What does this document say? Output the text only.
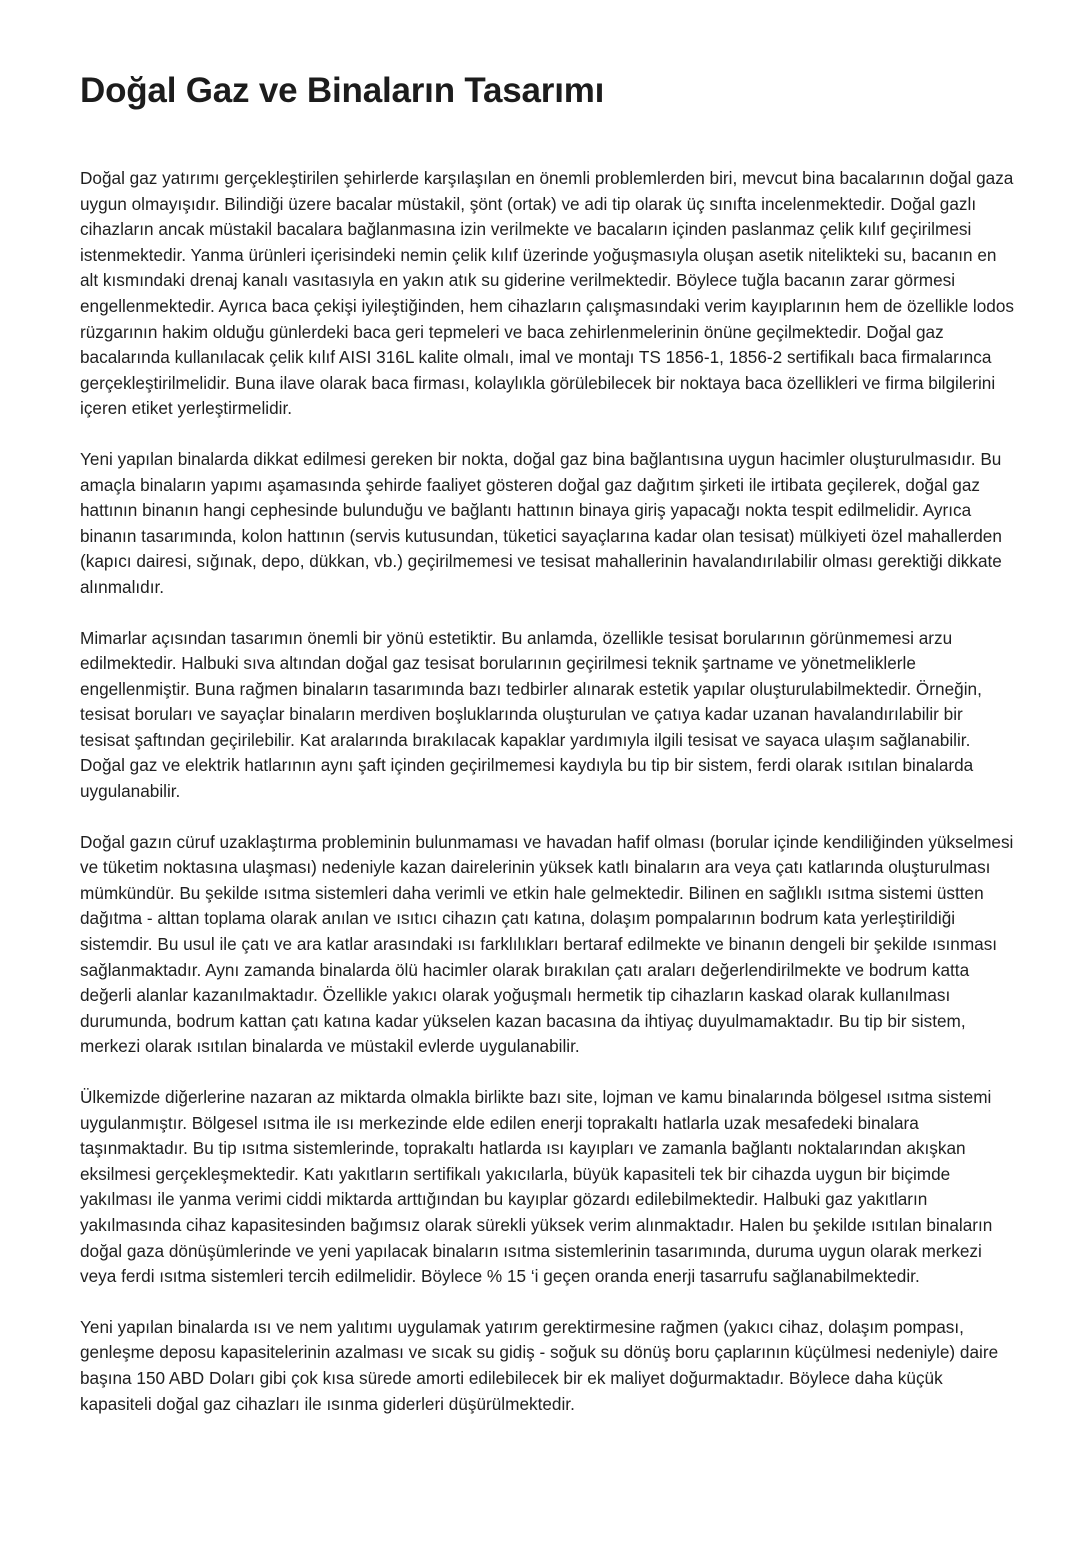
Doğal Gaz ve Binaların Tasarımı

Doğal gaz yatırımı gerçekleştirilen şehirlerde karşılaşılan en önemli problemlerden biri, mevcut bina bacalarının doğal gaza uygun olmayışıdır. Bilindiği üzere bacalar müstakil, şönt (ortak) ve adi tip olarak üç sınıfta incelenmektedir. Doğal gazlı cihazların ancak müstakil bacalara bağlanmasına izin verilmekte ve bacaların içinden paslanmaz çelik kılıf geçirilmesi istenmektedir. Yanma ürünleri içerisindeki nemin çelik kılıf üzerinde yoğuşmasıyla oluşan asetik nitelikteki su, bacanın en alt kısmındaki drenaj kanalı vasıtasıyla en yakın atık su giderine verilmektedir. Böylece tuğla bacanın zarar görmesi engellenmektedir. Ayrıca baca çekişi iyileştiğinden, hem cihazların çalışmasındaki verim kayıplarının hem de özellikle lodos rüzgarının hakim olduğu günlerdeki baca geri tepmeleri ve baca zehirlenmelerinin önüne geçilmektedir. Doğal gaz bacalarında kullanılacak çelik kılıf AISI 316L kalite olmalı, imal ve montajı TS 1856-1, 1856-2 sertifikalı baca firmalarınca gerçekleştirilmelidir. Buna ilave olarak baca firması, kolaylıkla görülebilecek bir noktaya baca özellikleri ve firma bilgilerini içeren etiket yerleştirmelidir.

Yeni yapılan binalarda dikkat edilmesi gereken bir nokta, doğal gaz bina bağlantısına uygun hacimler oluşturulmasıdır. Bu amaçla binaların yapımı aşamasında şehirde faaliyet gösteren doğal gaz dağıtım şirketi ile irtibata geçilerek, doğal gaz hattının binanın hangi cephesinde bulunduğu ve bağlantı hattının binaya giriş yapacağı nokta tespit edilmelidir. Ayrıca binanın tasarımında, kolon hattının (servis kutusundan, tüketici sayaçlarına kadar olan tesisat) mülkiyeti özel mahallerden (kapıcı dairesi, sığınak, depo, dükkan, vb.) geçirilmemesi ve tesisat mahallerinin havalandırılabilir olması gerektiği dikkate alınmalıdır.

Mimarlar açısından tasarımın önemli bir yönü estetiktir. Bu anlamda, özellikle tesisat borularının görünmemesi arzu edilmektedir. Halbuki sıva altından doğal gaz tesisat borularının geçirilmesi teknik şartname ve yönetmeliklerle engellenmiştir. Buna rağmen binaların tasarımında bazı tedbirler alınarak estetik yapılar oluşturulabilmektedir. Örneğin, tesisat boruları ve sayaçlar binaların merdiven boşluklarında oluşturulan ve çatıya kadar uzanan havalandırılabilir bir tesisat şaftından geçirilebilir. Kat aralarında bırakılacak kapaklar yardımıyla ilgili tesisat ve sayaca ulaşım sağlanabilir. Doğal gaz ve elektrik hatlarının aynı şaft içinden geçirilmemesi kaydıyla bu tip bir sistem, ferdi olarak ısıtılan binalarda uygulanabilir.

Doğal gazın cüruf uzaklaştırma probleminin bulunmaması ve havadan hafif olması (borular içinde kendiliğinden yükselmesi ve tüketim noktasına ulaşması) nedeniyle kazan dairelerinin yüksek katlı binaların ara veya çatı katlarında oluşturulması mümkündür. Bu şekilde ısıtma sistemleri daha verimli ve etkin hale gelmektedir. Bilinen en sağlıklı ısıtma sistemi üstten dağıtma - alttan toplama olarak anılan ve ısıtıcı cihazın çatı katına, dolaşım pompalarının bodrum kata yerleştirildiği sistemdir. Bu usul ile çatı ve ara katlar arasındaki ısı farklılıkları bertaraf edilmekte ve binanın dengeli bir şekilde ısınması sağlanmaktadır. Aynı zamanda binalarda ölü hacimler olarak bırakılan çatı araları değerlendirilmekte ve bodrum katta değerli alanlar kazanılmaktadır. Özellikle yakıcı olarak yoğuşmalı hermetik tip cihazların kaskad olarak kullanılması durumunda, bodrum kattan çatı katına kadar yükselen kazan bacasına da ihtiyaç duyulmamaktadır. Bu tip bir sistem, merkezi olarak ısıtılan binalarda ve müstakil evlerde uygulanabilir.

Ülkemizde diğerlerine nazaran az miktarda olmakla birlikte bazı site, lojman ve kamu binalarında bölgesel ısıtma sistemi uygulanmıştır. Bölgesel ısıtma ile ısı merkezinde elde edilen enerji toprakaltı hatlarla uzak mesafedeki binalara taşınmaktadır. Bu tip ısıtma sistemlerinde, toprakaltı hatlarda ısı kayıpları ve zamanla bağlantı noktalarından akışkan eksilmesi gerçekleşmektedir. Katı yakıtların sertifikalı yakıcılarla, büyük kapasiteli tek bir cihazda uygun bir biçimde yakılması ile yanma verimi ciddi miktarda arttığından bu kayıplar gözardı edilebilmektedir. Halbuki gaz yakıtların yakılmasında cihaz kapasitesinden bağımsız olarak sürekli yüksek verim alınmaktadır. Halen bu şekilde ısıtılan binaların doğal gaza dönüşümlerinde ve yeni yapılacak binaların ısıtma sistemlerinin tasarımında, duruma uygun olarak merkezi veya ferdi ısıtma sistemleri tercih edilmelidir. Böylece % 15 ‘i geçen oranda enerji tasarrufu sağlanabilmektedir.

Yeni yapılan binalarda ısı ve nem yalıtımı uygulamak yatırım gerektirmesine rağmen (yakıcı cihaz, dolaşım pompası, genleşme deposu kapasitelerinin azalması ve sıcak su gidiş - soğuk su dönüş boru çaplarının küçülmesi nedeniyle) daire başına 150 ABD Doları gibi çok kısa sürede amorti edilebilecek bir ek maliyet doğurmaktadır. Böylece daha küçük kapasiteli doğal gaz cihazları ile ısınma giderleri düşürülmektedir.
